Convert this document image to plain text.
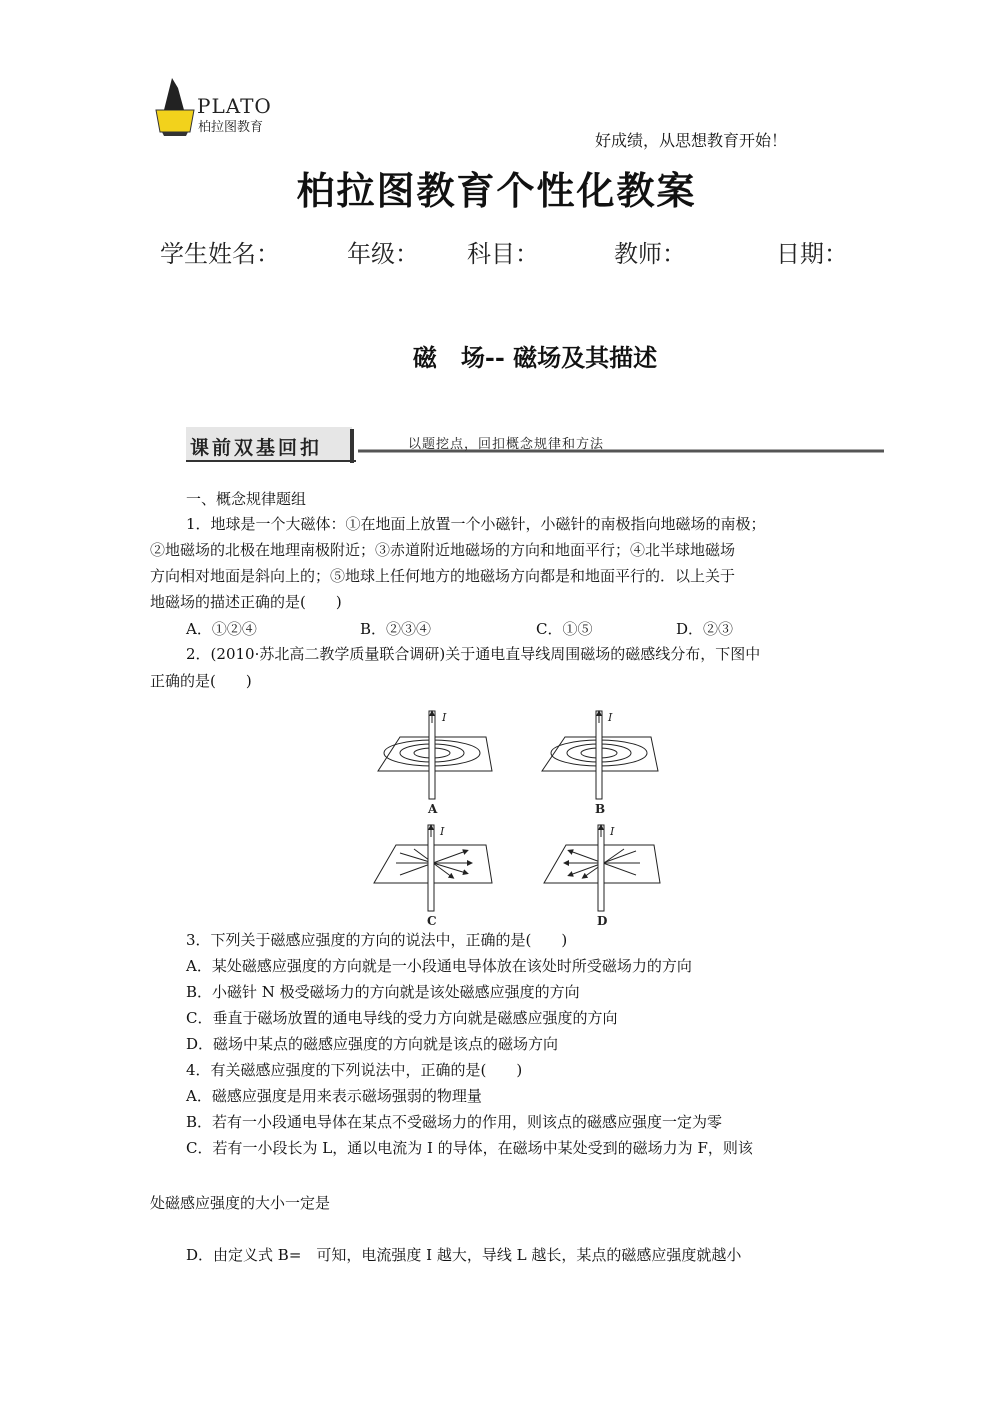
PLATO
柏拉图教育
好成绩，从思想教育开始！
柏拉图教育个性化教案
学生姓名：	年级： 科目：	教师：	日期：
磁　场-- 磁场及其描述
课前双基回扣	以题挖点，回扣概念规律和方法
一、概念规律题组
1．地球是一个大磁体：①在地面上放置一个小磁针，小磁针的南极指向地磁场的南极；
②地磁场的北极在地理南极附近；③赤道附近地磁场的方向和地面平行；④北半球地磁场
方向相对地面是斜向上的；⑤地球上任何地方的地磁场方向都是和地面平行的．以上关于
地磁场的描述正确的是(　　)
A．①②④	B．②③④	C．①⑤	D．②③
2．(2010·苏北高二教学质量联合调研)关于通电直导线周围磁场的磁感线分布，下图中
正确的是(　　)
I
A
I
B
I
C
I
D
3．下列关于磁感应强度的方向的说法中，正确的是(　　)
A．某处磁感应强度的方向就是一小段通电导体放在该处时所受磁场力的方向
B．小磁针 N 极受磁场力的方向就是该处磁感应强度的方向
C．垂直于磁场放置的通电导线的受力方向就是磁感应强度的方向
D．磁场中某点的磁感应强度的方向就是该点的磁场方向
4．有关磁感应强度的下列说法中，正确的是(　　)
A．磁感应强度是用来表示磁场强弱的物理量
B．若有一小段通电导体在某点不受磁场力的作用，则该点的磁感应强度一定为零
C．若有一小段长为 L，通以电流为 I 的导体，在磁场中某处受到的磁场力为 F，则该
处磁感应强度的大小一定是
D．由定义式 B=　可知，电流强度 I 越大，导线 L 越长，某点的磁感应强度就越小
